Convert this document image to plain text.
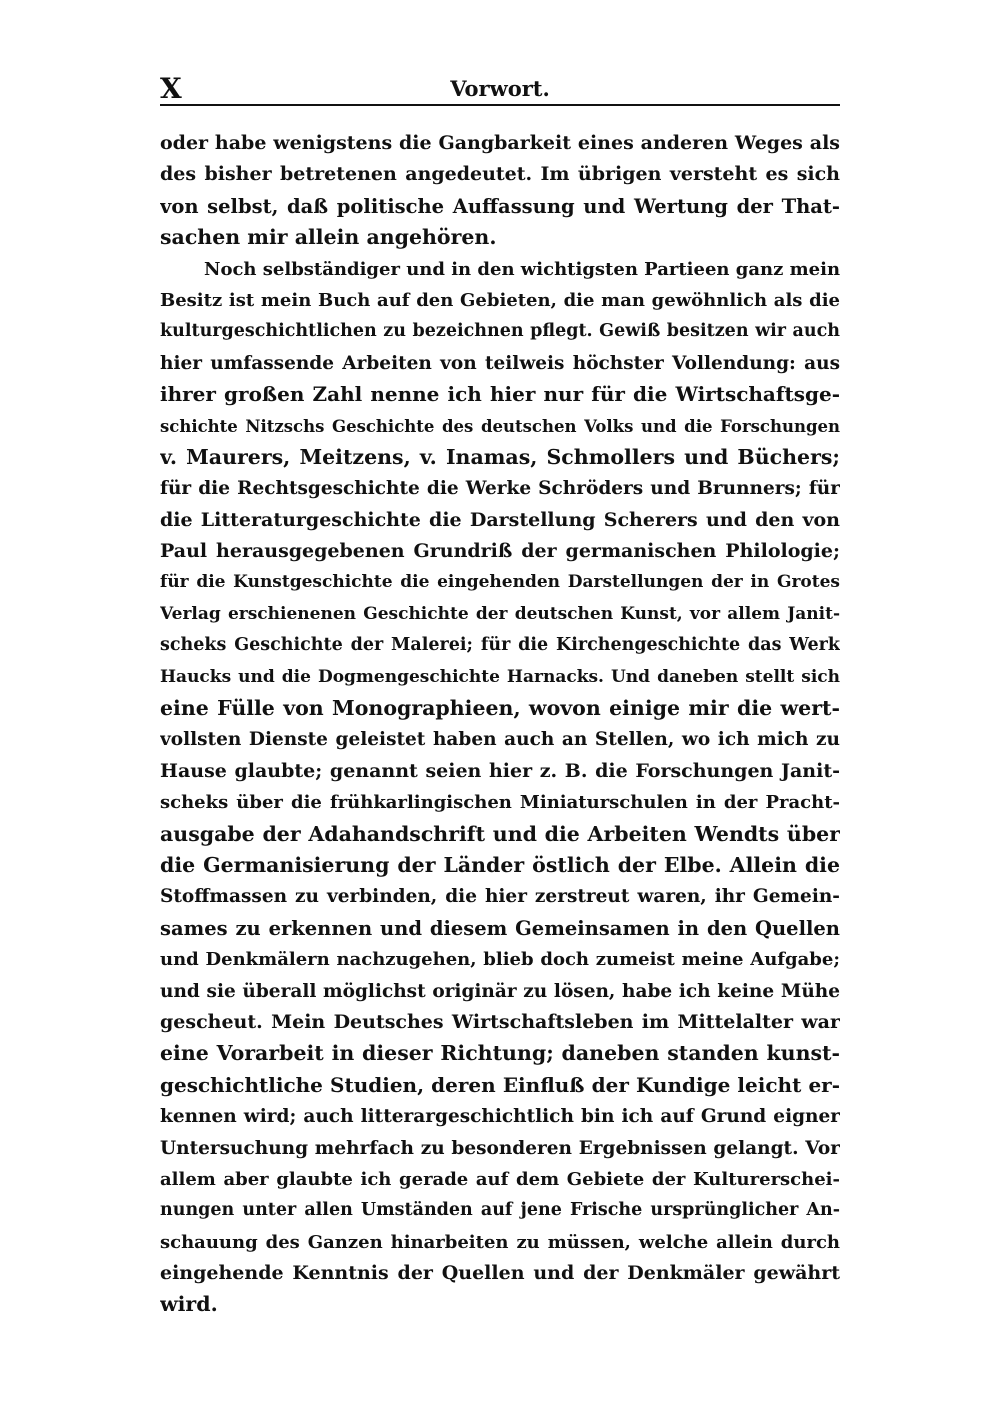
X	Vorwort.
oder habe wenigstens die Gangbarkeit eines anderen Weges als
des bisher betretenen angedeutet. Im übrigen versteht es sich
von selbst, daß politische Auffassung und Wertung der That-
sachen mir allein angehören.
Noch selbständiger und in den wichtigsten Partieen ganz mein
Besitz ist mein Buch auf den Gebieten, die man gewöhnlich als die
kulturgeschichtlichen zu bezeichnen pflegt. Gewiß besitzen wir auch
hier umfassende Arbeiten von teilweis höchster Vollendung: aus
ihrer großen Zahl nenne ich hier nur für die Wirtschaftsge-
schichte Nitzschs Geschichte des deutschen Volks und die Forschungen
v. Maurers, Meitzens, v. Inamas, Schmollers und Büchers;
für die Rechtsgeschichte die Werke Schröders und Brunners; für
die Litteraturgeschichte die Darstellung Scherers und den von
Paul herausgegebenen Grundriß der germanischen Philologie;
für die Kunstgeschichte die eingehenden Darstellungen der in Grotes
Verlag erschienenen Geschichte der deutschen Kunst, vor allem Janit-
scheks Geschichte der Malerei; für die Kirchengeschichte das Werk
Haucks und die Dogmengeschichte Harnacks. Und daneben stellt sich
eine Fülle von Monographieen, wovon einige mir die wert-
vollsten Dienste geleistet haben auch an Stellen, wo ich mich zu
Hause glaubte; genannt seien hier z. B. die Forschungen Janit-
scheks über die frühkarlingischen Miniaturschulen in der Pracht-
ausgabe der Adahandschrift und die Arbeiten Wendts über
die Germanisierung der Länder östlich der Elbe. Allein die
Stoffmassen zu verbinden, die hier zerstreut waren, ihr Gemein-
sames zu erkennen und diesem Gemeinsamen in den Quellen
und Denkmälern nachzugehen, blieb doch zumeist meine Aufgabe;
und sie überall möglichst originär zu lösen, habe ich keine Mühe
gescheut. Mein Deutsches Wirtschaftsleben im Mittelalter war
eine Vorarbeit in dieser Richtung; daneben standen kunst-
geschichtliche Studien, deren Einfluß der Kundige leicht er-
kennen wird; auch litterargeschichtlich bin ich auf Grund eigner
Untersuchung mehrfach zu besonderen Ergebnissen gelangt. Vor
allem aber glaubte ich gerade auf dem Gebiete der Kulturerschei-
nungen unter allen Umständen auf jene Frische ursprünglicher An-
schauung des Ganzen hinarbeiten zu müssen, welche allein durch
eingehende Kenntnis der Quellen und der Denkmäler gewährt
wird.
